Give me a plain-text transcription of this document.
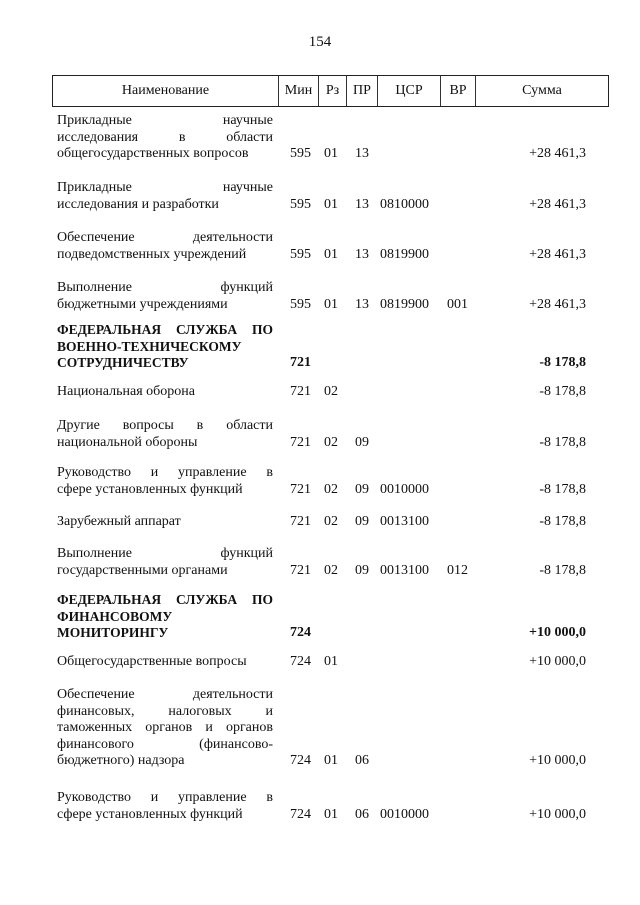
154
Наименование	Мин Рз ПР	ЦСР	ВР	Сумма
Прикладные научные
исследования в области
общегосударственных вопросов	595 01 13	+28 461,3
Прикладные научные
исследования и разработки	595 01 13 0810000	+28 461,3
Обеспечение деятельности
подведомственных учреждений	595 01 13 0819900	+28 461,3
Выполнение функций
бюджетными учреждениями	595 01 13 0819900 001	+28 461,3
ФЕДЕРАЛЬНАЯ СЛУЖБА ПО
ВОЕННО-ТЕХНИЧЕСКОМУ
СОТРУДНИЧЕСТВУ	721	-8 178,8
Национальная оборона	721 02	-8 178,8
Другие вопросы в области
национальной обороны	721 02 09	-8 178,8
Руководство и управление в
сфере установленных функций	721 02 09 0010000	-8 178,8
Зарубежный аппарат	721 02 09 0013100	-8 178,8
Выполнение функций
государственными органами	721 02 09 0013100 012	-8 178,8
ФЕДЕРАЛЬНАЯ СЛУЖБА ПО
ФИНАНСОВОМУ
МОНИТОРИНГУ	724	+10 000,0
Общегосударственные вопросы	724 01	+10 000,0
Обеспечение деятельности
финансовых, налоговых и
таможенных органов и органов
финансового (финансово-
бюджетного) надзора	724 01 06	+10 000,0
Руководство и управление в
сфере установленных функций	724 01 06 0010000	+10 000,0
